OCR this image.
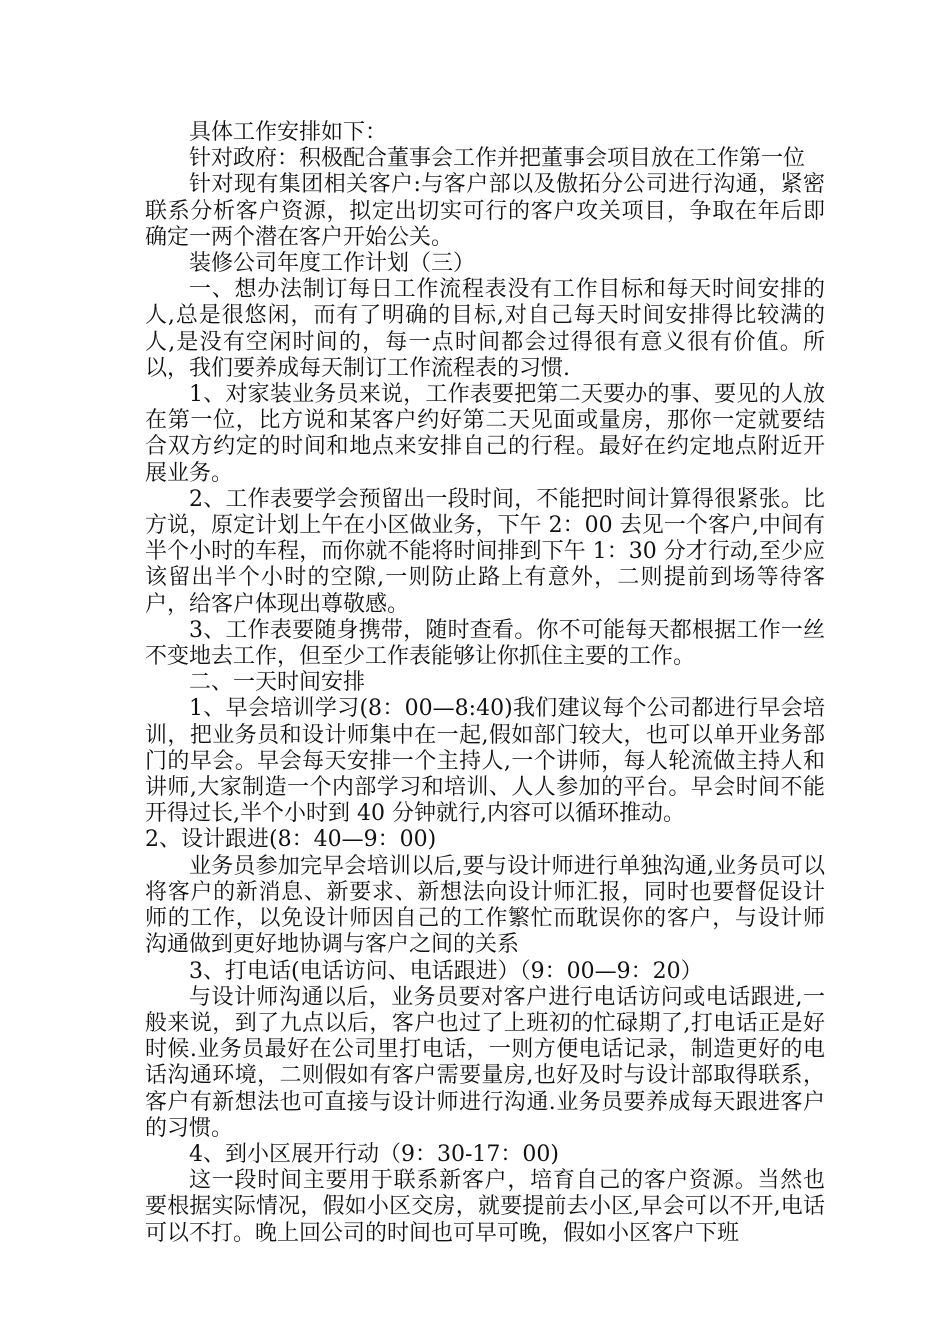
具体工作安排如下：

针对政府：积极配合董事会工作并把董事会项目放在工作第一位

针对现有集团相关客户:与客户部以及傲拓分公司进行沟通，紧密联系分析客户资源，拟定出切实可行的客户攻关项目，争取在年后即确定一两个潜在客户开始公关。

装修公司年度工作计划（三）

一、想办法制订每日工作流程表没有工作目标和每天时间安排的人,总是很悠闲，而有了明确的目标,对自己每天时间安排得比较满的人,是没有空闲时间的，每一点时间都会过得很有意义很有价值。所以，我们要养成每天制订工作流程表的习惯.

1、对家装业务员来说，工作表要把第二天要办的事、要见的人放在第一位，比方说和某客户约好第二天见面或量房，那你一定就要结合双方约定的时间和地点来安排自己的行程。最好在约定地点附近开展业务。

2、工作表要学会预留出一段时间，不能把时间计算得很紧张。比方说，原定计划上午在小区做业务，下午 2：00 去见一个客户,中间有半个小时的车程，而你就不能将时间排到下午 1：30 分才行动,至少应该留出半个小时的空隙,一则防止路上有意外，二则提前到场等待客户，给客户体现出尊敬感。

3、工作表要随身携带，随时查看。你不可能每天都根据工作一丝不变地去工作，但至少工作表能够让你抓住主要的工作。

二、一天时间安排

1、早会培训学习(8：00—8:40)我们建议每个公司都进行早会培训，把业务员和设计师集中在一起,假如部门较大，也可以单开业务部门的早会。早会每天安排一个主持人,一个讲师，每人轮流做主持人和讲师,大家制造一个内部学习和培训、人人参加的平台。早会时间不能开得过长,半个小时到 40 分钟就行,内容可以循环推动。

2、设计跟进(8：40—9：00)

业务员参加完早会培训以后,要与设计师进行单独沟通,业务员可以将客户的新消息、新要求、新想法向设计师汇报，同时也要督促设计师的工作，以免设计师因自己的工作繁忙而耽误你的客户，与设计师沟通做到更好地协调与客户之间的关系

3、打电话(电话访问、电话跟进）（9：00—9：20）

与设计师沟通以后，业务员要对客户进行电话访问或电话跟进,一般来说，到了九点以后，客户也过了上班初的忙碌期了,打电话正是好时候.业务员最好在公司里打电话，一则方便电话记录，制造更好的电话沟通环境，二则假如有客户需要量房,也好及时与设计部取得联系，客户有新想法也可直接与设计师进行沟通.业务员要养成每天跟进客户的习惯。

4、到小区展开行动（9：30-17：00)

这一段时间主要用于联系新客户，培育自己的客户资源。当然也要根据实际情况，假如小区交房，就要提前去小区,早会可以不开,电话可以不打。晚上回公司的时间也可早可晚，假如小区客户下班
